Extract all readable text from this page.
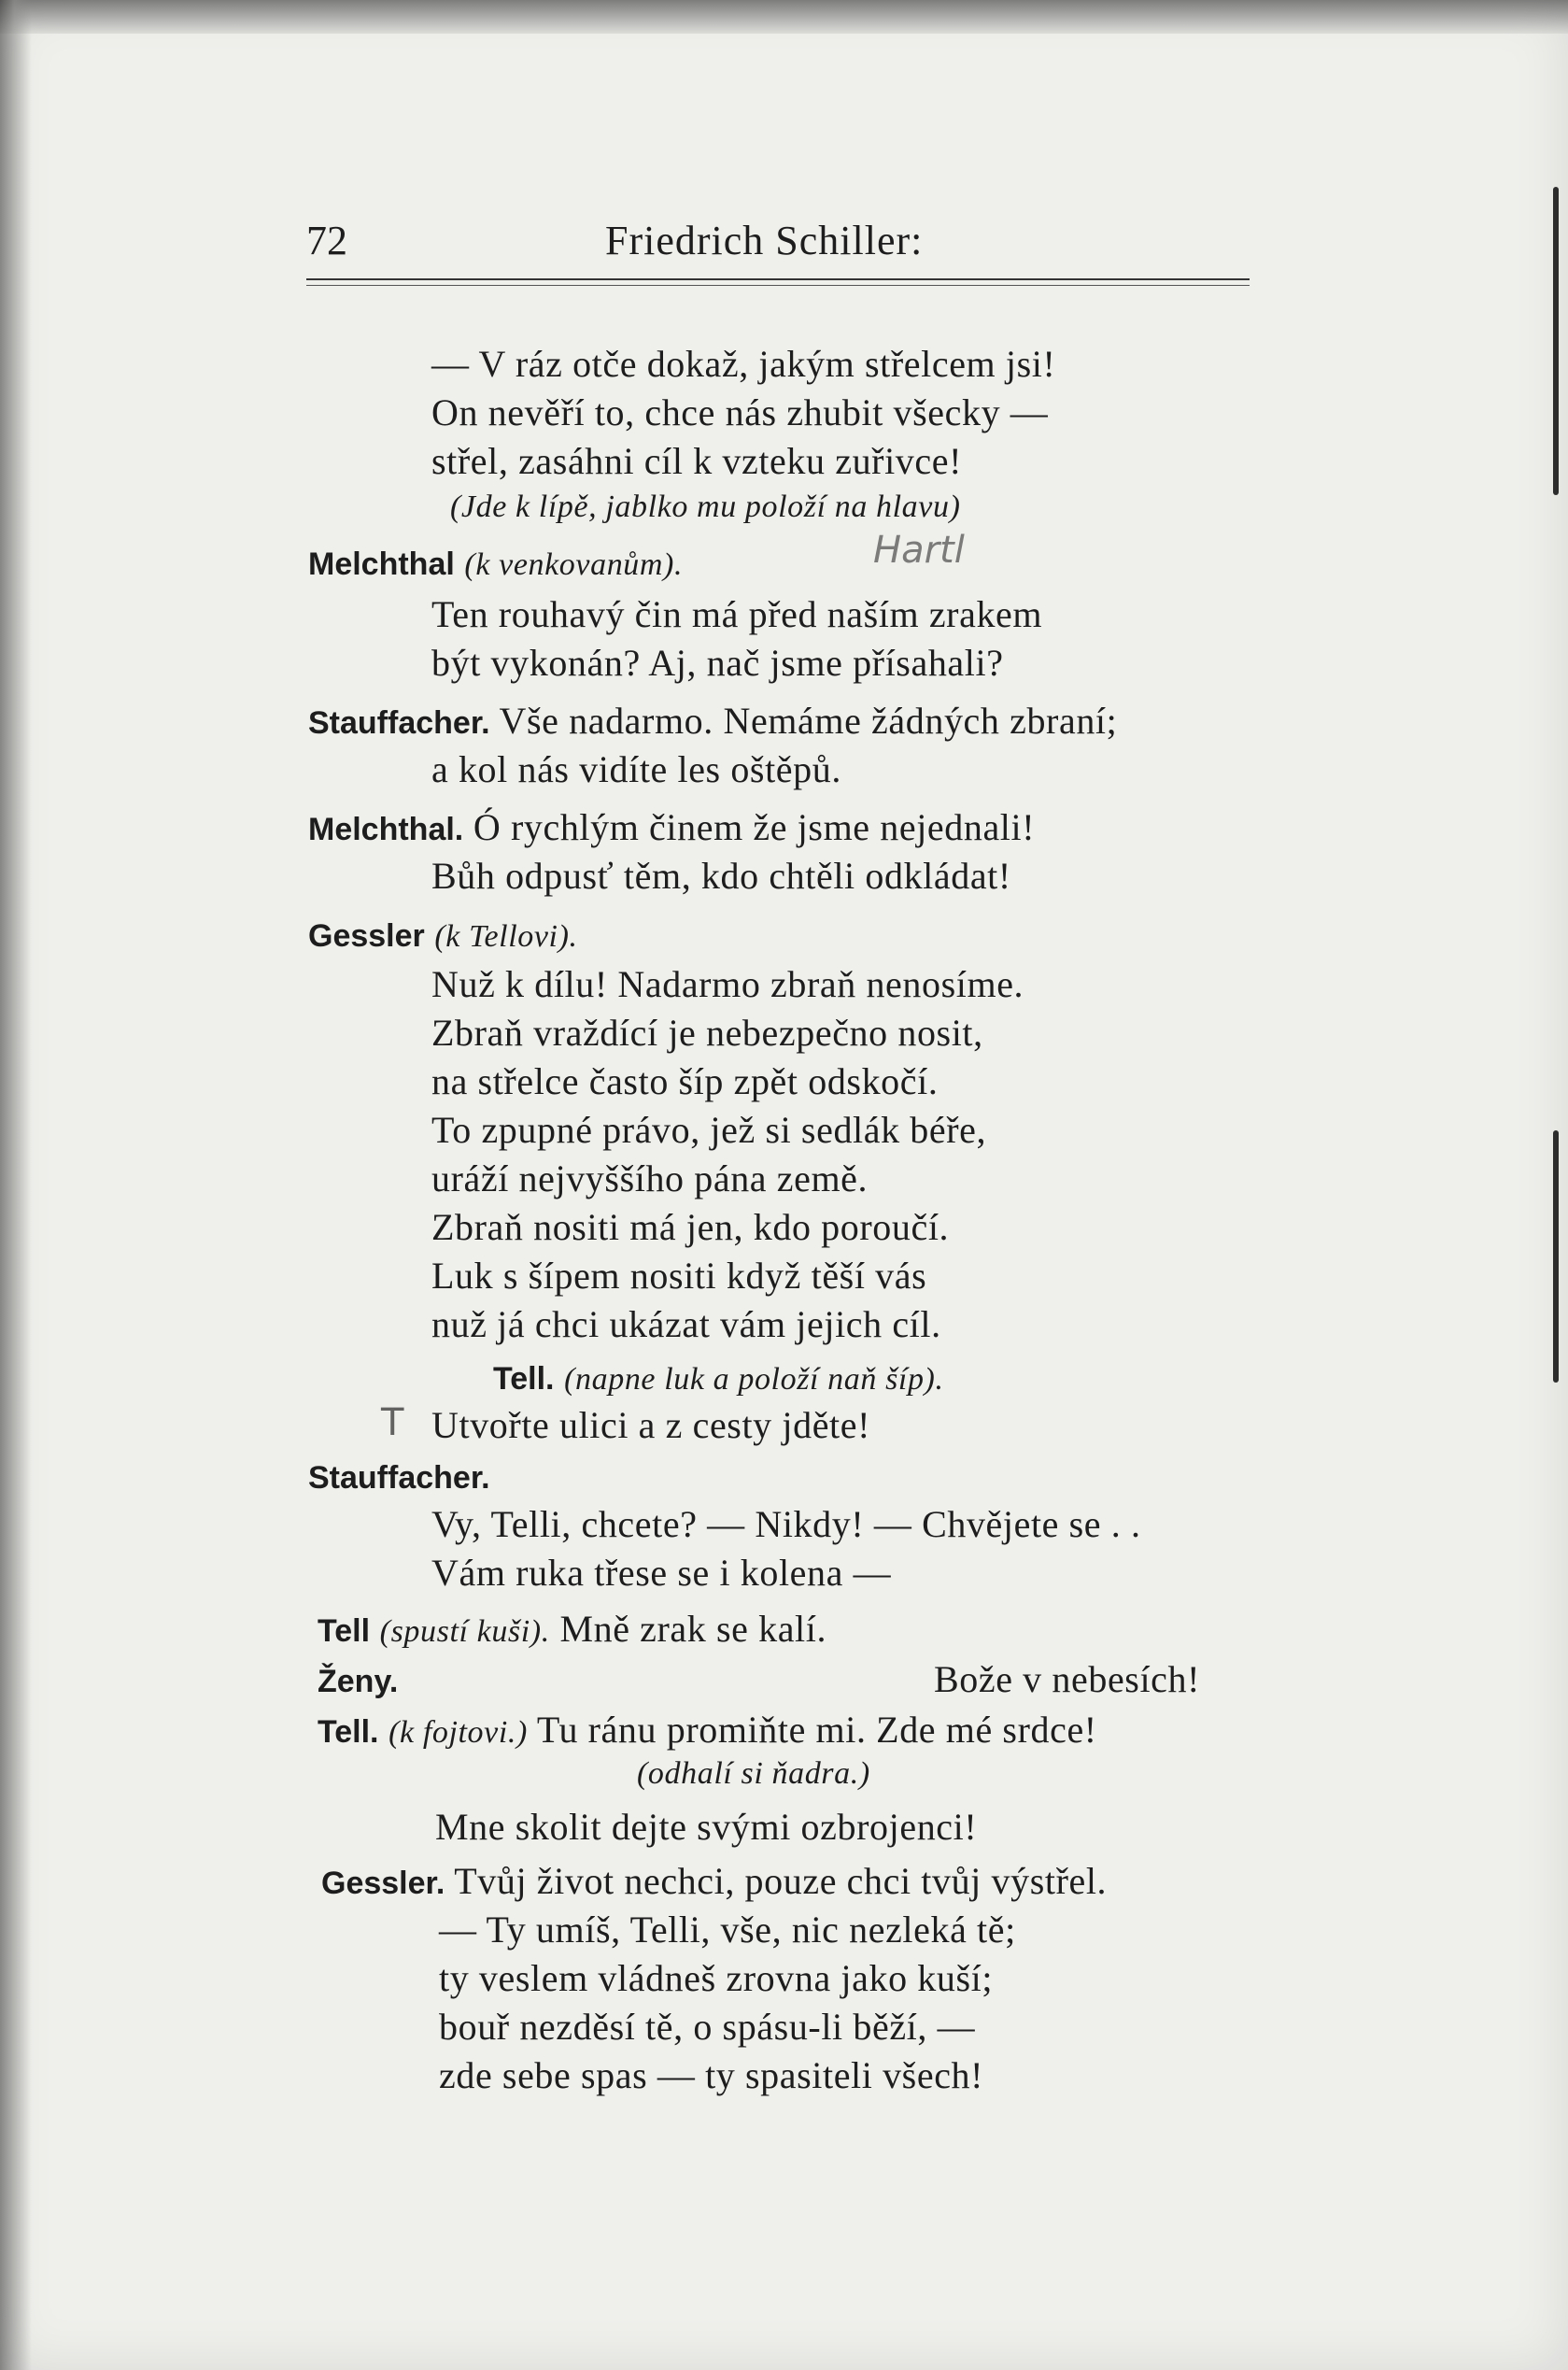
72	Friedrich Schiller:
— V ráz otče dokaž, jakým střelcem jsi!
On nevěří to, chce nás zhubit všecky —
střel, zasáhni cíl k vzteku zuřivce!
(Jde k lípě, jablko mu položí na hlavu)
Melchthal (k venkovanům).	Hartl
Ten rouhavý čin má před naším zrakem
být vykonán? Aj, nač jsme přísahali?
Stauffacher. Vše nadarmo. Nemáme žádných zbraní;
a kol nás vidíte les oštěpů.
Melchthal. Ó rychlým činem že jsme nejednali!
Bůh odpusť těm, kdo chtěli odkládat!
Gessler (k Tellovi).
Nuž k dílu! Nadarmo zbraň nenosíme.
Zbraň vraždící je nebezpečno nosit,
na střelce často šíp zpět odskočí.
To zpupné právo, jež si sedlák béře,
uráží nejvyššího pána země.
Zbraň nositi má jen, kdo poroučí.
Luk s šípem nositi když těší vás
nuž já chci ukázat vám jejich cíl.
Tell. (napne luk a položí naň šíp).
T Utvořte ulici a z cesty jděte!
Stauffacher.
Vy, Telli, chcete? — Nikdy! — Chvějete se . .
Vám ruka třese se i kolena —
Tell (spustí kuši). Mně zrak se kalí.
Ženy.	Bože v nebesích!
Tell. (k fojtovi.) Tu ránu promiňte mi. Zde mé srdce!
(odhalí si ňadra.)
Mne skolit dejte svými ozbrojenci!
Gessler. Tvůj život nechci, pouze chci tvůj výstřel.
— Ty umíš, Telli, vše, nic nezleká tě;
ty veslem vládneš zrovna jako kuší;
bouř nezděsí tě, o spásu-li běží, —
zde sebe spas — ty spasiteli všech!
